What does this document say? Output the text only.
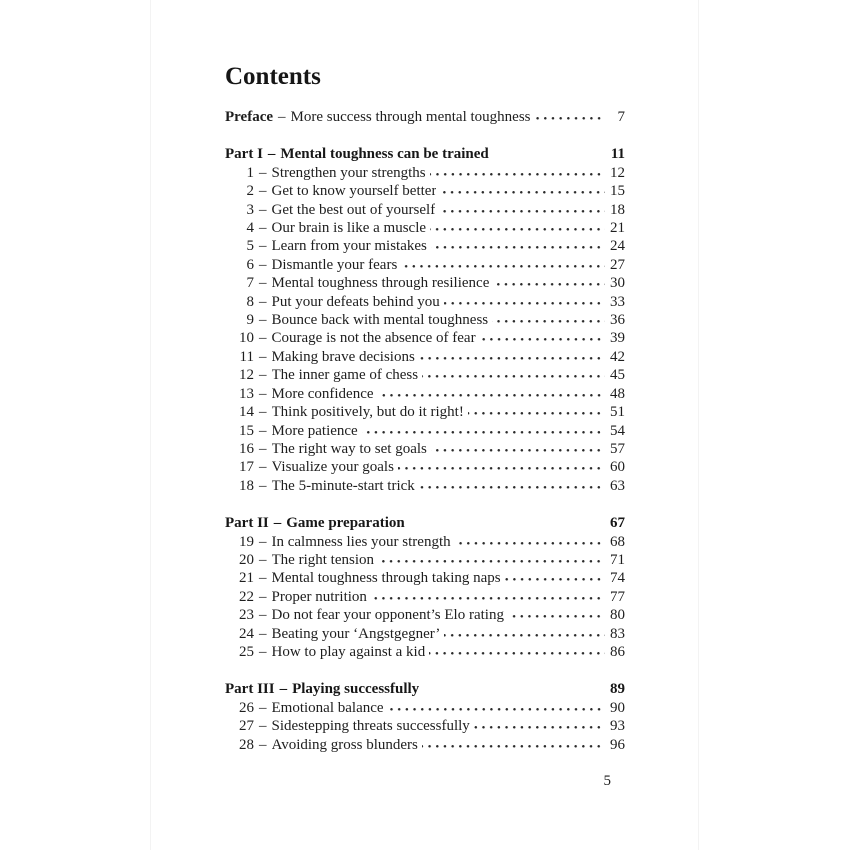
Contents
Preface – More success through mental toughness	7
Part I – Mental toughness can be trained	11
1 – Strengthen your strengths	12
2 – Get to know yourself better	15
3 – Get the best out of yourself	18
4 – Our brain is like a muscle	21
5 – Learn from your mistakes	24
6 – Dismantle your fears	27
7 – Mental toughness through resilience	30
8 – Put your defeats behind you	33
9 – Bounce back with mental toughness	36
10 – Courage is not the absence of fear	39
11 – Making brave decisions	42
12 – The inner game of chess	45
13 – More confidence	48
14 – Think positively, but do it right!	51
15 – More patience	54
16 – The right way to set goals	57
17 – Visualize your goals	60
18 – The 5-minute-start trick	63
Part II – Game preparation	67
19 – In calmness lies your strength	68
20 – The right tension	71
21 – Mental toughness through taking naps	74
22 – Proper nutrition	77
23 – Do not fear your opponent’s Elo rating	80
24 – Beating your ‘Angstgegner’	83
25 – How to play against a kid	86
Part III – Playing successfully	89
26 – Emotional balance	90
27 – Sidestepping threats successfully	93
28 – Avoiding gross blunders	96
5
